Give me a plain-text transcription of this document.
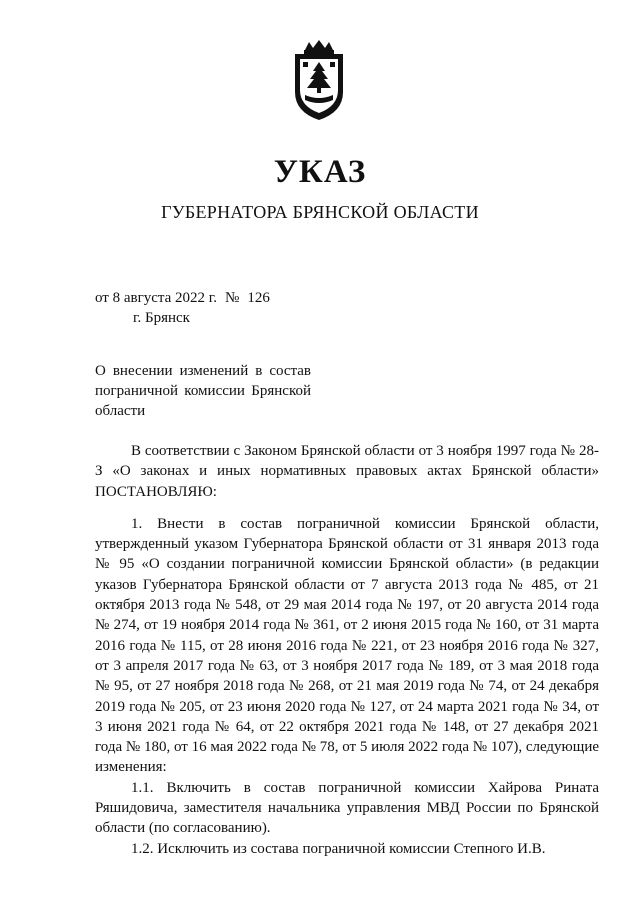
УКАЗ
ГУБЕРНАТОРА БРЯНСКОЙ ОБЛАСТИ
от 8 августа 2022 г. № 126
г. Брянск
О внесении изменений в состав пограничной комиссии Брянской области

В соответствии с Законом Брянской области от 3 ноября 1997 года № 28-З «О законах и иных нормативных правовых актах Брянской области» ПОСТАНОВЛЯЮ:

1. Внести в состав пограничной комиссии Брянской области, утвержденный указом Губернатора Брянской области от 31 января 2013 года № 95 «О создании пограничной комиссии Брянской области» (в редакции указов Губернатора Брянской области от 7 августа 2013 года № 485, от 21 октября 2013 года № 548, от 29 мая 2014 года № 197, от 20 августа 2014 года № 274, от 19 ноября 2014 года № 361, от 2 июня 2015 года № 160, от 31 марта 2016 года № 115, от 28 июня 2016 года № 221, от 23 ноября 2016 года № 327, от 3 апреля 2017 года № 63, от 3 ноября 2017 года № 189, от 3 мая 2018 года № 95, от 27 ноября 2018 года № 268, от 21 мая 2019 года № 74, от 24 декабря 2019 года № 205, от 23 июня 2020 года № 127, от 24 марта 2021 года № 34, от 3 июня 2021 года № 64, от 22 октября 2021 года № 148, от 27 декабря 2021 года № 180, от 16 мая 2022 года № 78, от 5 июля 2022 года № 107), следующие изменения:

1.1. Включить в состав пограничной комиссии Хайрова Рината Ряшидовича, заместителя начальника управления МВД России по Брянской области (по согласованию).

1.2. Исключить из состава пограничной комиссии Степного И.В.
